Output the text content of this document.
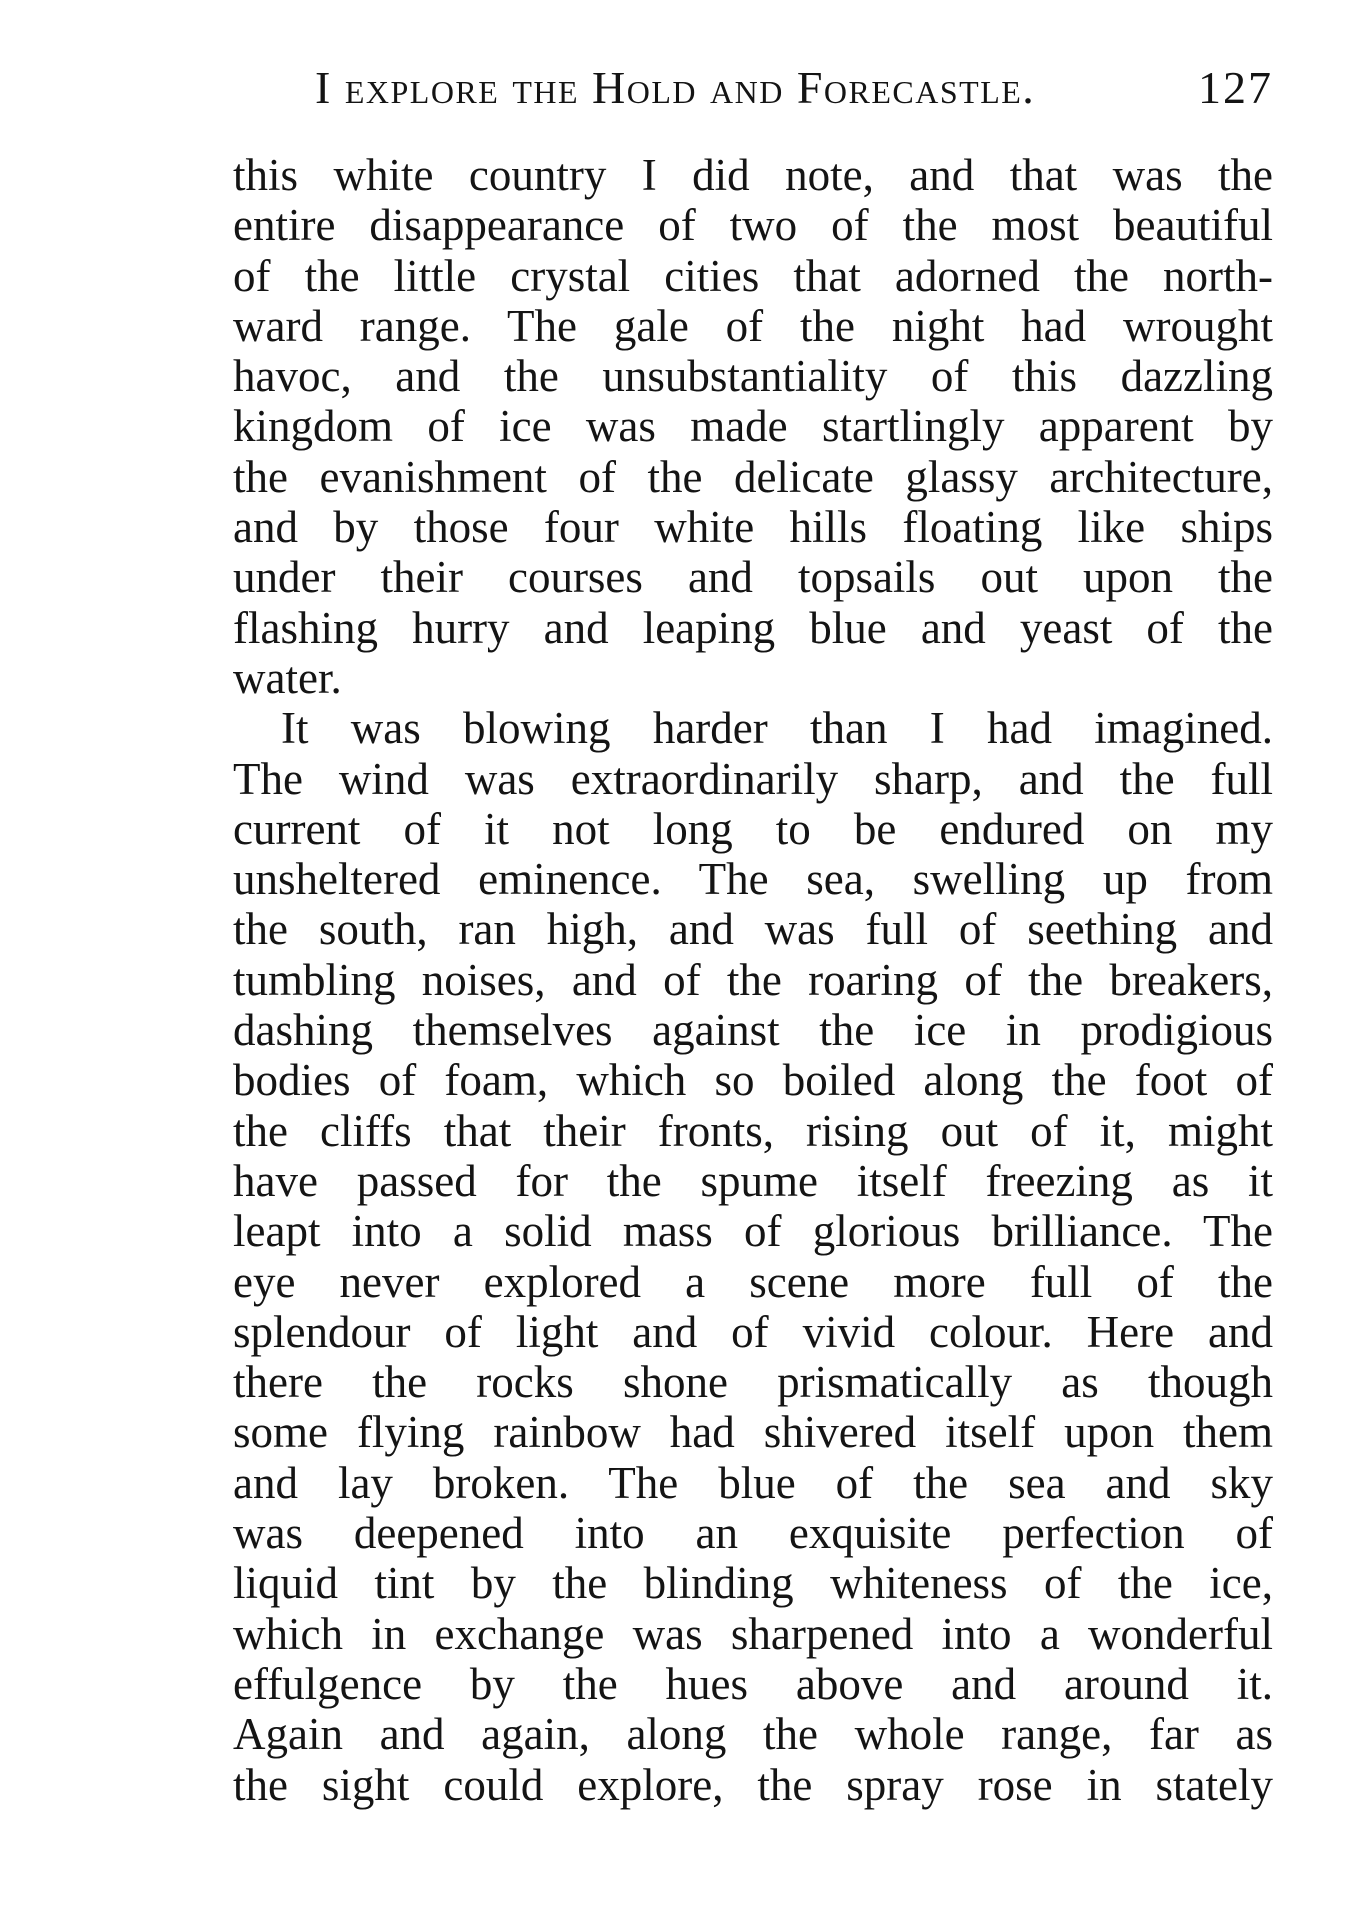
I explore the Hold and Forecastle.	127
this white country I did note, and that was the
entire disappearance of two of the most beautiful
of the little crystal cities that adorned the north-
ward range. The gale of the night had wrought
havoc, and the unsubstantiality of this dazzling
kingdom of ice was made startlingly apparent by
the evanishment of the delicate glassy architecture,
and by those four white hills floating like ships
under their courses and topsails out upon the
flashing hurry and leaping blue and yeast of the
water.
It was blowing harder than I had imagined.
The wind was extraordinarily sharp, and the full
current of it not long to be endured on my
unsheltered eminence. The sea, swelling up from
the south, ran high, and was full of seething and
tumbling noises, and of the roaring of the breakers,
dashing themselves against the ice in prodigious
bodies of foam, which so boiled along the foot of
the cliffs that their fronts, rising out of it, might
have passed for the spume itself freezing as it
leapt into a solid mass of glorious brilliance. The
eye never explored a scene more full of the
splendour of light and of vivid colour. Here and
there the rocks shone prismatically as though
some flying rainbow had shivered itself upon them
and lay broken. The blue of the sea and sky
was deepened into an exquisite perfection of
liquid tint by the blinding whiteness of the ice,
which in exchange was sharpened into a wonderful
effulgence by the hues above and around it.
Again and again, along the whole range, far as
the sight could explore, the spray rose in stately
